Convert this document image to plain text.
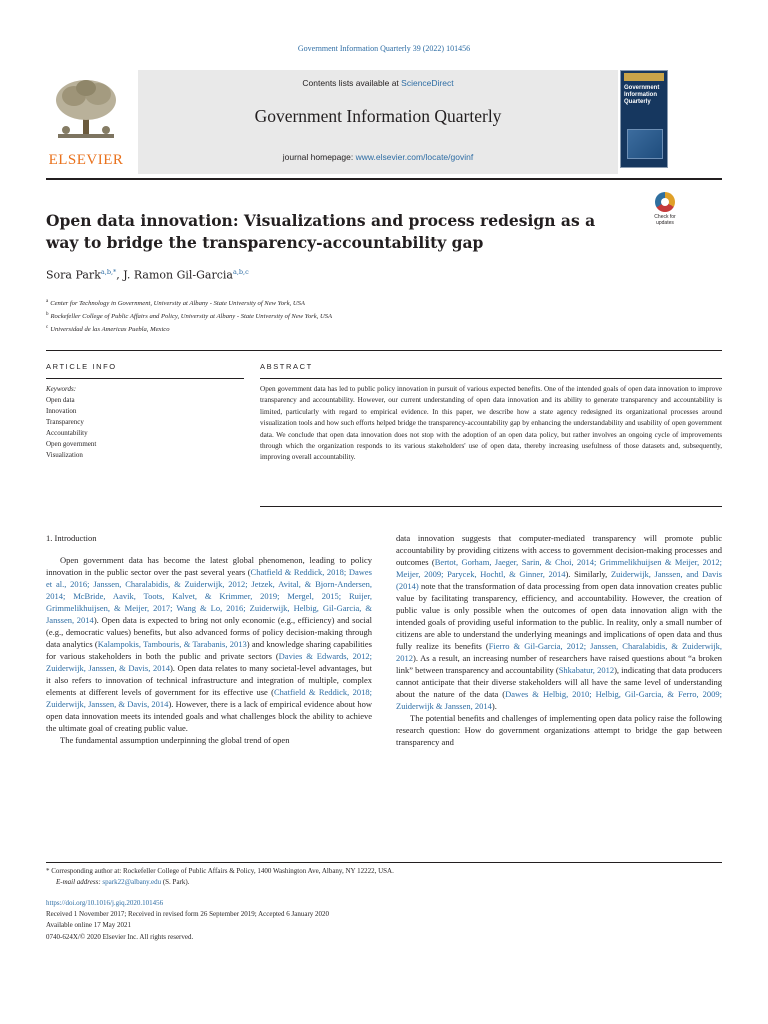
Government Information Quarterly 39 (2022) 101456
ELSEVIER
Contents lists available at ScienceDirect
Government Information Quarterly
journal homepage: www.elsevier.com/locate/govinf
Government Information Quarterly
Open data innovation: Visualizations and process redesign as a way to bridge the transparency-accountability gap
Check for updates
Sora Park$^{a,b,*}$, J. Ramon Gil-Garcia$^{a,b,c}$
$^a$ Center for Technology in Government, University at Albany - State University of New York, USA
$^b$ Rockefeller College of Public Affairs and Policy, University at Albany - State University of New York, USA
$^c$ Universidad de las Americas Puebla, Mexico
ARTICLE INFO	ABSTRACT
Keywords:
Open data
Innovation
Transparency
Accountability
Open government
Visualization
Open government data has led to public policy innovation in pursuit of various expected benefits. One of the intended goals of open data innovation to improve transparency and accountability. However, our current understanding of open data innovation and its ability to generate transparency and accountability is limited, particularly with regard to empirical evidence. In this paper, we describe how a state agency redesigned its organizational processes around visualization tools and how such efforts helped bridge the transparency-accountability gap by enhancing the understandability and usability of open government data. We conclude that open data innovation does not stop with the adoption of an open data policy, but rather involves an ongoing cycle of improvements through which the organization responds to its various stakeholders' use of open data, thereby increasing usefulness of those datasets and, subsequently, improving overall accountability.
1. Introduction

Open government data has become the latest global phenomenon, leading to policy innovation in the public sector over the past several years (Chatfield & Reddick, 2018; Dawes et al., 2016; Janssen, Charalabidis, & Zuiderwijk, 2012; Jetzek, Avital, & Bjorn-Andersen, 2014; McBride, Aavik, Toots, Kalvet, & Krimmer, 2019; Mergel, 2015; Ruijer, Grimmelikhuijsen, & Meijer, 2017; Wang & Lo, 2016; Zuiderwijk, Helbig, Gil-Garcia, & Janssen, 2014). Open data is expected to bring not only economic (e.g., efficiency) and social (e.g., democratic values) benefits, but also advanced forms of policy decision-making through data analytics (Kalampokis, Tambouris, & Tarabanis, 2013) and knowledge sharing capabilities for various stakeholders in both the public and private sectors (Davies & Edwards, 2012; Zuiderwijk, Janssen, & Davis, 2014). Open data relates to many societal-level advantages, but it also refers to innovation of technical infrastructure and integration of multiple, complex elements at different levels of government for its effective use (Chatfield & Reddick, 2018; Zuiderwijk, Janssen, & Davis, 2014). However, there is a lack of empirical evidence about how open data innovation meets its intended goals and what challenges block the ability to achieve the ultimate goal of creating public value.

The fundamental assumption underpinning the global trend of open

data innovation suggests that computer-mediated transparency will promote public accountability by providing citizens with access to government decision-making processes and outcomes (Bertot, Gorham, Jaeger, Sarin, & Choi, 2014; Grimmelikhuijsen & Meijer, 2012; Meijer, 2009; Parycek, Hochtl, & Ginner, 2014). Similarly, Zuiderwijk, Janssen, and Davis (2014) note that the transformation of data processing from open data innovation creates public value by facilitating transparency, efficiency, and accountability. However, the creation of public value is only possible when the outcomes of open data innovation align with the intended goals of providing useful information to the public. In reality, only a small number of citizens are able to understand the underlying meanings and implications of open data and thus fully realize its benefits (Fierro & Gil-Garcia, 2012; Janssen, Charalabidis, & Zuiderwijk, 2012). As a result, an increasing number of researchers have raised questions about “a broken link” between transparency and accountability (Shkabatur, 2012), indicating that data producers cannot anticipate that their diverse stakeholders will all have the same level of understanding about the nature of the data (Dawes & Helbig, 2010; Helbig, Gil-Garcia, & Ferro, 2009; Zuiderwijk & Janssen, 2014).

The potential benefits and challenges of implementing open data policy raise the following research question: How do government organizations attempt to bridge the gap between transparency and

* Corresponding author at: Rockefeller College of Public Affairs & Policy, 1400 Washington Ave, Albany, NY 12222, USA.
E-mail address: spark22@albany.edu (S. Park).
https://doi.org/10.1016/j.giq.2020.101456
Received 1 November 2017; Received in revised form 26 September 2019; Accepted 6 January 2020
Available online 17 May 2021
0740-624X/© 2020 Elsevier Inc. All rights reserved.
